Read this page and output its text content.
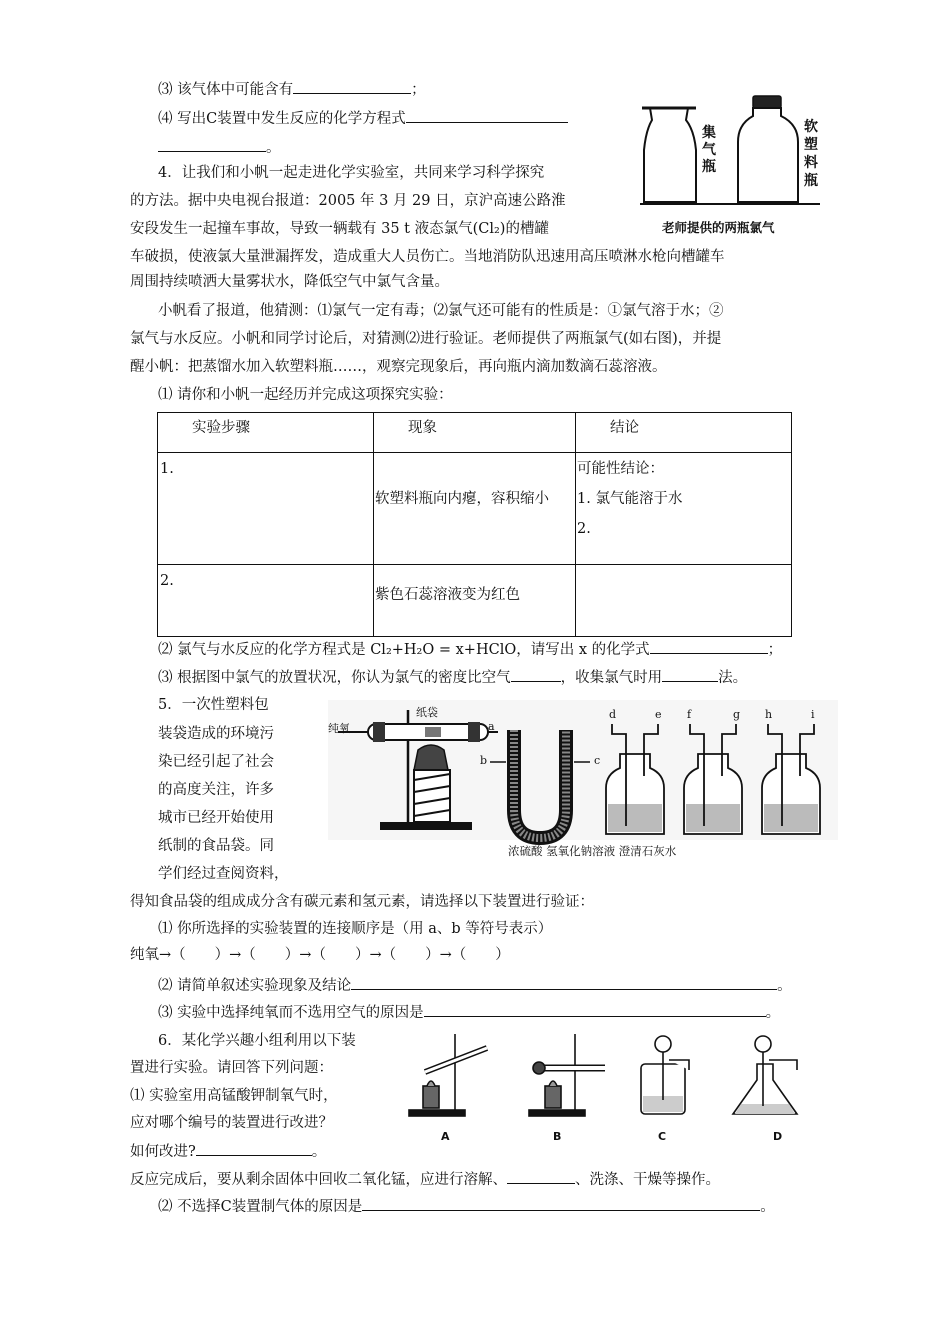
⑶ 该气体中可能含有	；
⑷ 写出C装置中发生反应的化学方程式
。
4．让我们和小帆一起走进化学实验室，共同来学习科学探究
的方法。据中央电视台报道：2005 年 3 月 29 日，京沪高速公路淮
安段发生一起撞车事故，导致一辆载有 35 t 液态氯气(Cl₂)的槽罐
车破损，使液氯大量泄漏挥发，造成重大人员伤亡。当地消防队迅速用高压喷淋水枪向槽罐车
周围持续喷洒大量雾状水，降低空气中氯气含量。
小帆看了报道，他猜测：⑴氯气一定有毒；⑵氯气还可能有的性质是：①氯气溶于水；②
氯气与水反应。小帆和同学讨论后，对猜测⑵进行验证。老师提供了两瓶氯气(如右图)，并提
醒小帆：把蒸馏水加入软塑料瓶……，观察完现象后，再向瓶内滴加数滴石蕊溶液。
⑴ 请你和小帆一起经历并完成这项探究实验：
集气瓶
软塑料瓶
老师提供的两瓶氯气
实验步骤	现象	结论

1.	软塑料瓶向内瘪，容积缩小	可能性结论：
1. 氯气能溶于水
2.

2.	紫色石蕊溶液变为红色	

⑵ 氯气与水反应的化学方程式是 Cl₂+H₂O = x+HClO，请写出 x 的化学式	；
⑶ 根据图中氯气的放置状况，你认为氯气的密度比空气	，收集氯气时用	法。
5．一次性塑料包
装袋造成的环境污
染已经引起了社会
的高度关注，许多
城市已经开始使用
纸制的食品袋。同
学们经过查阅资料，
纯氧
纸袋
a
b	c
d	e f	g h	i
浓硫酸 氢氧化钠溶液 澄清石灰水
得知食品袋的组成成分含有碳元素和氢元素，请选择以下装置进行验证：
⑴ 你所选择的实验装置的连接顺序是（用 a、b 等符号表示）
纯氧→（　　）→（　　）→（　　）→（　　）→（　　）
⑵ 请简单叙述实验现象及结论	。
⑶ 实验中选择纯氧而不选用空气的原因是	。
6．某化学兴趣小组利用以下装
置进行实验。请回答下列问题：
⑴ 实验室用高锰酸钾制氧气时，
应对哪个编号的装置进行改进？
如何改进?	。
A	B	C	D
反应完成后，要从剩余固体中回收二氧化锰，应进行溶解、	、洗涤、干燥等操作。
⑵ 不选择C装置制气体的原因是	。
